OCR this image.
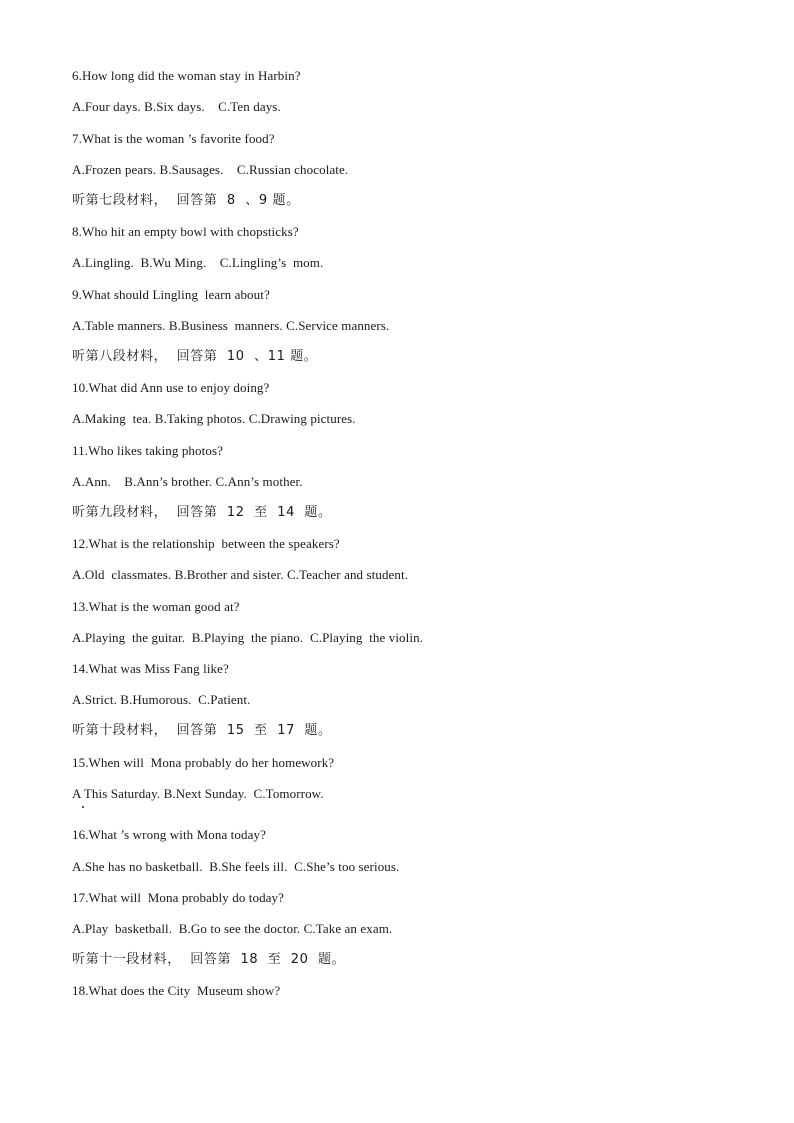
6.How long did the woman stay in Harbin?
A.Four days. B.Six days.    C.Ten days.
7.What is the woman ’s favorite food?
A.Frozen pears. B.Sausages.    C.Russian chocolate.
听第七段材料，  回答第  8  、9 题。
8.Who hit an empty bowl with chopsticks?
A.Lingling.  B.Wu Ming.    C.Lingling’s  mom.
9.What should Lingling  learn about?
A.Table manners. B.Business  manners. C.Service manners.
听第八段材料，  回答第  10  、11 题。
10.What did Ann use to enjoy doing?
A.Making  tea. B.Taking photos. C.Drawing pictures.
11.Who likes taking photos?
A.Ann.    B.Ann’s brother. C.Ann’s mother.
听第九段材料，  回答第  12  至  14  题。
12.What is the relationship  between the speakers?
A.Old  classmates. B.Brother and sister. C.Teacher and student.
13.What is the woman good at?
A.Playing  the guitar.  B.Playing  the piano.  C.Playing  the violin.
14.What was Miss Fang like?
A.Strict. B.Humorous.  C.Patient.
听第十段材料，  回答第  15  至  17  题。
15.When will  Mona probably do her homework?
A This Saturday. B.Next Sunday.  C.Tomorrow.
16.What ’s wrong with Mona today?
A.She has no basketball.  B.She feels ill.  C.She’s too serious.
17.What will  Mona probably do today?
A.Play  basketball.  B.Go to see the doctor. C.Take an exam.
听第十一段材料，  回答第  18  至  20  题。
18.What does the City  Museum show?
